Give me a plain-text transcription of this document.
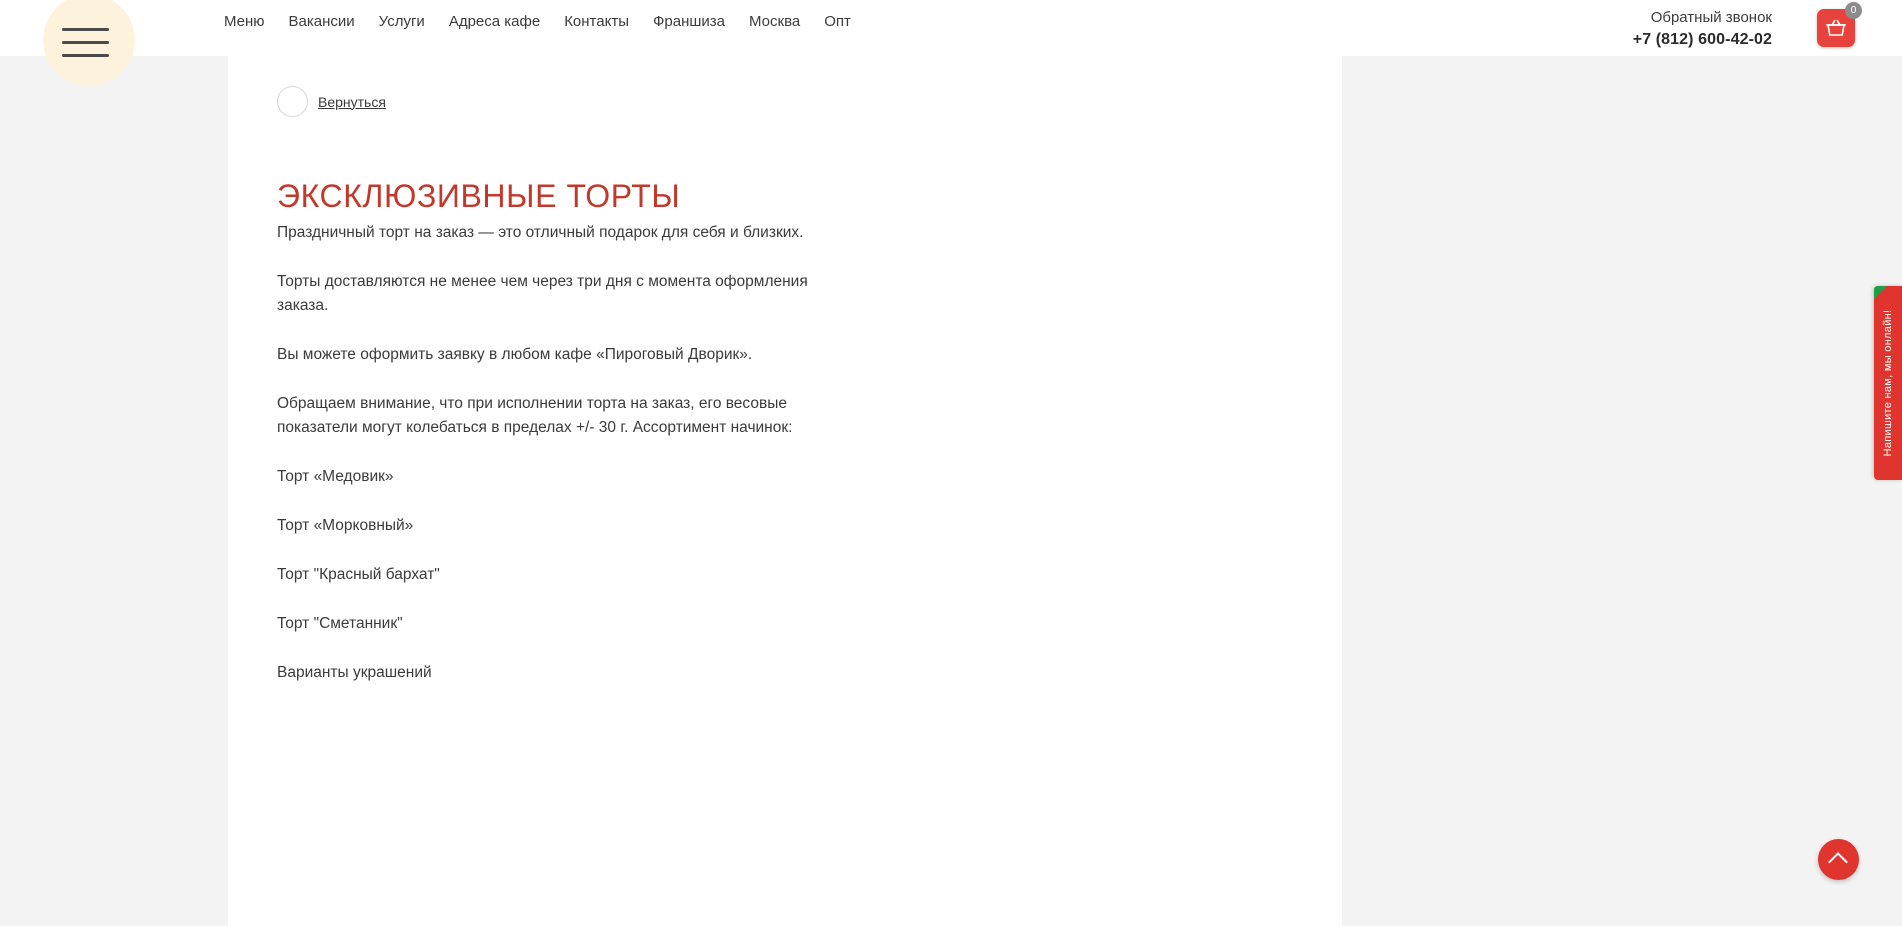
Меню Вакансии Услуги Адреса кафе Контакты Франшиза Москва Опт	Обратный звонок
+7 (812) 600-42-02
0
Вернуться
ЭКСКЛЮЗИВНЫЕ ТОРТЫ

Праздничный торт на заказ — это отличный подарок для себя и близких.

Торты доставляются не менее чем через три дня с момента оформления заказа.

Вы можете оформить заявку в любом кафе «Пироговый Дворик».

Обращаем внимание, что при исполнении торта на заказ, его весовые показатели могут колебаться в пределах +/- 30 г. Ассортимент начинок:

Торт «Медовик»

Торт «Морковный»

Торт "Красный бархат"

Торт "Сметанник"

Варианты украшений

Напишите нам, мы онлайн!
